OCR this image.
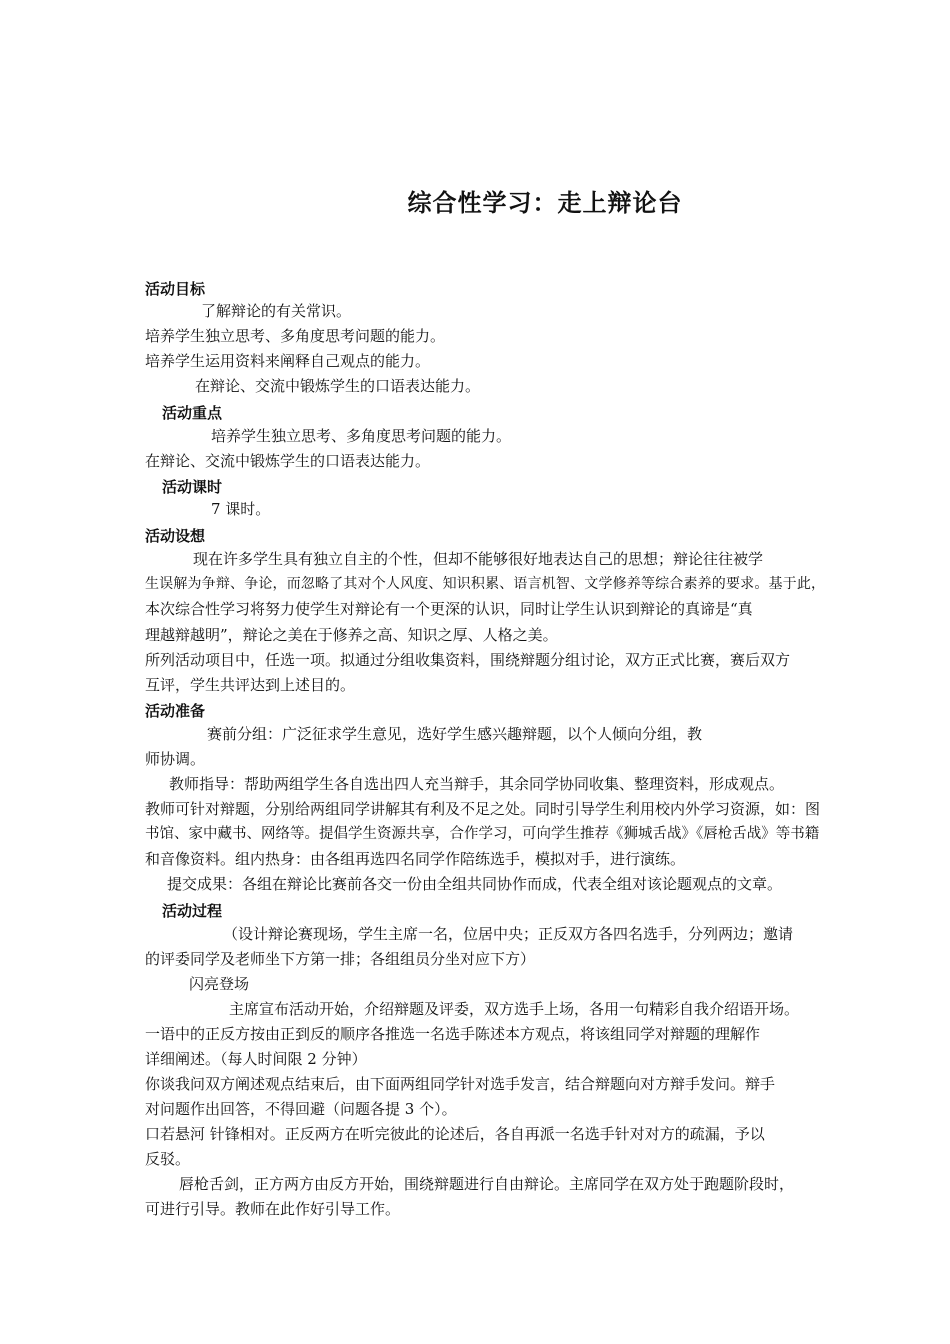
综合性学习：走上辩论台
活动目标
了解辩论的有关常识。
培养学生独立思考、多角度思考问题的能力。
培养学生运用资料来阐释自己观点的能力。
在辩论、交流中锻炼学生的口语表达能力。
活动重点
培养学生独立思考、多角度思考问题的能力。
在辩论、交流中锻炼学生的口语表达能力。
活动课时
7 课时。
活动设想
现在许多学生具有独立自主的个性，但却不能够很好地表达自己的思想；辩论往往被学
生误解为争辩、争论，而忽略了其对个人风度、知识积累、语言机智、文学修养等综合素养的要求。基于此，
本次综合性学习将努力使学生对辩论有一个更深的认识，同时让学生认识到辩论的真谛是“真
理越辩越明”，辩论之美在于修养之高、知识之厚、人格之美。
所列活动项目中，任选一项。拟通过分组收集资料，围绕辩题分组讨论，双方正式比赛，赛后双方
互评，学生共评达到上述目的。
活动准备
赛前分组：广泛征求学生意见，选好学生感兴趣辩题，以个人倾向分组，教
师协调。
教师指导：帮助两组学生各自选出四人充当辩手，其余同学协同收集、整理资料，形成观点。
教师可针对辩题，分别给两组同学讲解其有利及不足之处。同时引导学生利用校内外学习资源，如：图
书馆、家中藏书、网络等。提倡学生资源共享，合作学习，可向学生推荐《狮城舌战》《唇枪舌战》等书籍
和音像资料。组内热身：由各组再选四名同学作陪练选手，模拟对手，进行演练。
提交成果：各组在辩论比赛前各交一份由全组共同协作而成，代表全组对该论题观点的文章。
活动过程
（设计辩论赛现场，学生主席一名，位居中央；正反双方各四名选手，分列两边；邀请
的评委同学及老师坐下方第一排；各组组员分坐对应下方）
闪亮登场
主席宣布活动开始，介绍辩题及评委，双方选手上场，各用一句精彩自我介绍语开场。
一语中的正反方按由正到反的顺序各推选一名选手陈述本方观点，将该组同学对辩题的理解作
详细阐述。（每人时间限 2 分钟）
你谈我问双方阐述观点结束后，由下面两组同学针对选手发言，结合辩题向对方辩手发问。辩手
对问题作出回答，不得回避（问题各提 3 个）。
口若悬河 针锋相对。正反两方在听完彼此的论述后，各自再派一名选手针对对方的疏漏，予以
反驳。
唇枪舌剑，正方两方由反方开始，围绕辩题进行自由辩论。主席同学在双方处于跑题阶段时，
可进行引导。教师在此作好引导工作。
